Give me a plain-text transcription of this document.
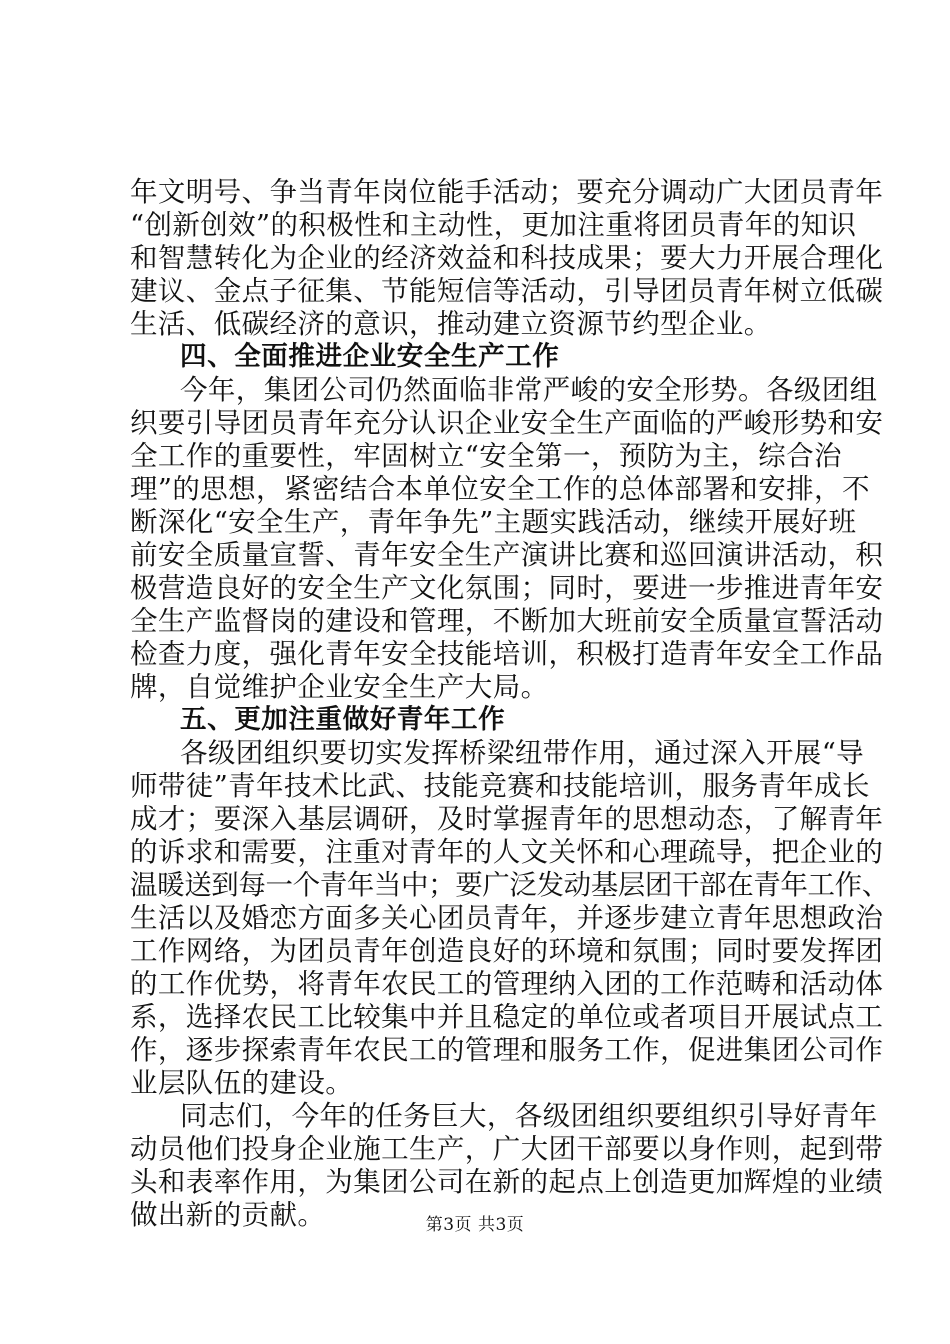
年文明号、争当青年岗位能手活动；要充分调动广大团员青年
“创新创效”的积极性和主动性，更加注重将团员青年的知识
和智慧转化为企业的经济效益和科技成果；要大力开展合理化
建议、金点子征集、节能短信等活动，引导团员青年树立低碳
生活、低碳经济的意识，推动建立资源节约型企业。
四、全面推进企业安全生产工作
今年，集团公司仍然面临非常严峻的安全形势。各级团组
织要引导团员青年充分认识企业安全生产面临的严峻形势和安
全工作的重要性，牢固树立“安全第一，预防为主，综合治
理”的思想，紧密结合本单位安全工作的总体部署和安排，不
断深化“安全生产，青年争先”主题实践活动，继续开展好班
前安全质量宣誓、青年安全生产演讲比赛和巡回演讲活动，积
极营造良好的安全生产文化氛围；同时，要进一步推进青年安
全生产监督岗的建设和管理，不断加大班前安全质量宣誓活动
检查力度，强化青年安全技能培训，积极打造青年安全工作品
牌，自觉维护企业安全生产大局。
五、更加注重做好青年工作
各级团组织要切实发挥桥梁纽带作用，通过深入开展“导
师带徒”青年技术比武、技能竞赛和技能培训，服务青年成长
成才；要深入基层调研，及时掌握青年的思想动态，了解青年
的诉求和需要，注重对青年的人文关怀和心理疏导，把企业的
温暖送到每一个青年当中；要广泛发动基层团干部在青年工作、
生活以及婚恋方面多关心团员青年，并逐步建立青年思想政治
工作网络，为团员青年创造良好的环境和氛围；同时要发挥团
的工作优势，将青年农民工的管理纳入团的工作范畴和活动体
系，选择农民工比较集中并且稳定的单位或者项目开展试点工
作，逐步探索青年农民工的管理和服务工作，促进集团公司作
业层队伍的建设。
同志们，今年的任务巨大，各级团组织要组织引导好青年
动员他们投身企业施工生产，广大团干部要以身作则，起到带
头和表率作用，为集团公司在新的起点上创造更加辉煌的业绩
做出新的贡献。	第3页 共3页
